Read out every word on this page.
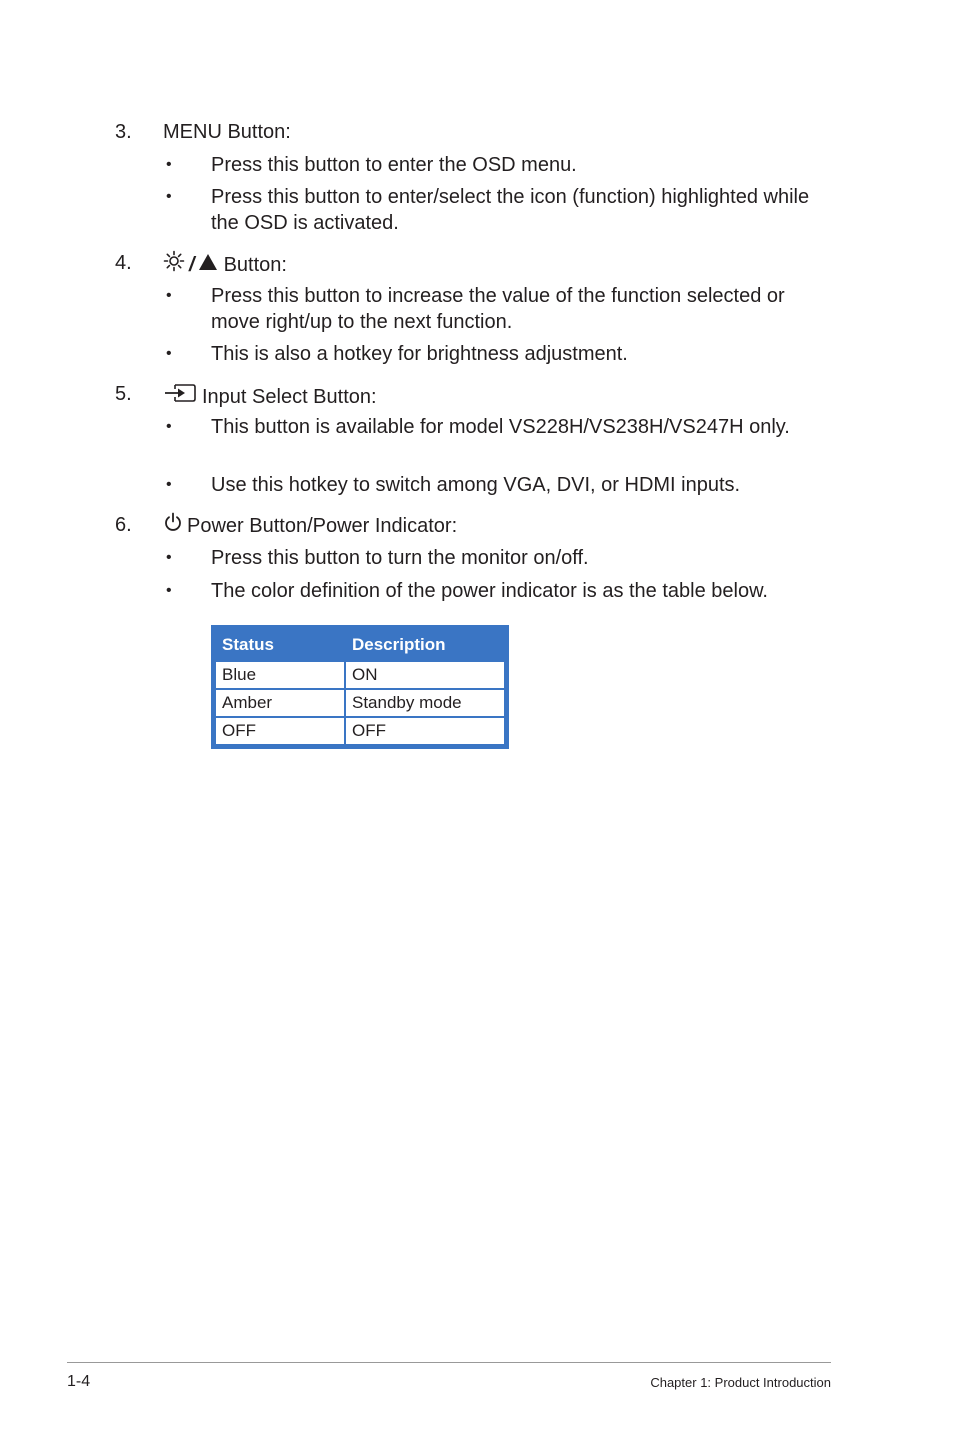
3. MENU Button:
• Press this button to enter the OSD menu.
• Press this button to enter/select the icon (function) highlighted while the OSD is activated.
4.	/ Button:
• Press this button to increase the value of the function selected or move right/up to the next function.
• This is also a hotkey for brightness adjustment.
5.	Input Select Button:
• This button is available for model VS228H/VS238H/VS247H only.
• Use this hotkey to switch among VGA, DVI, or HDMI inputs.
6.	Power Button/Power Indicator:
• Press this button to turn the monitor on/off.
• The color definition of the power indicator is as the table below.
Status	Description
Blue	ON
Amber	Standby mode
OFF	OFF
1-4	Chapter 1: Product Introduction
